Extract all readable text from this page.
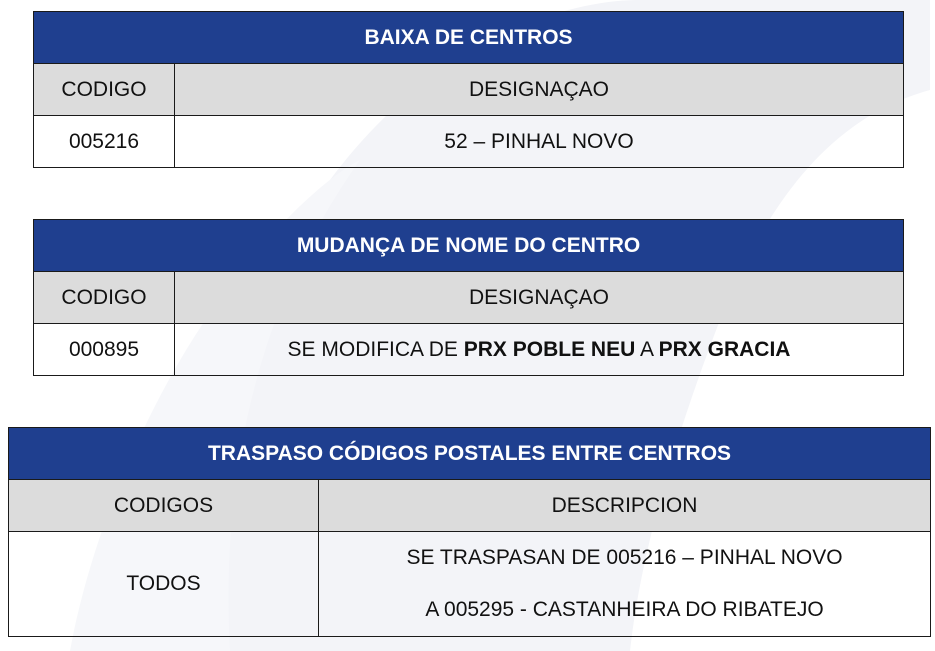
BAIXA DE CENTROS	
CODIGO	DESIGNAÇAO
005216	52 – PINHAL NOVO
MUDANÇA DE NOME DO CENTRO	
CODIGO	DESIGNAÇAO
000895	SE MODIFICA DE PRX POBLE NEU A PRX GRACIA
TRASPASO CÓDIGOS POSTALES ENTRE CENTROS	
CODIGOS	DESCRIPCION
TODOS	SE TRASPASAN DE 005216 – PINHAL NOVO
A 005295 - CASTANHEIRA DO RIBATEJO
